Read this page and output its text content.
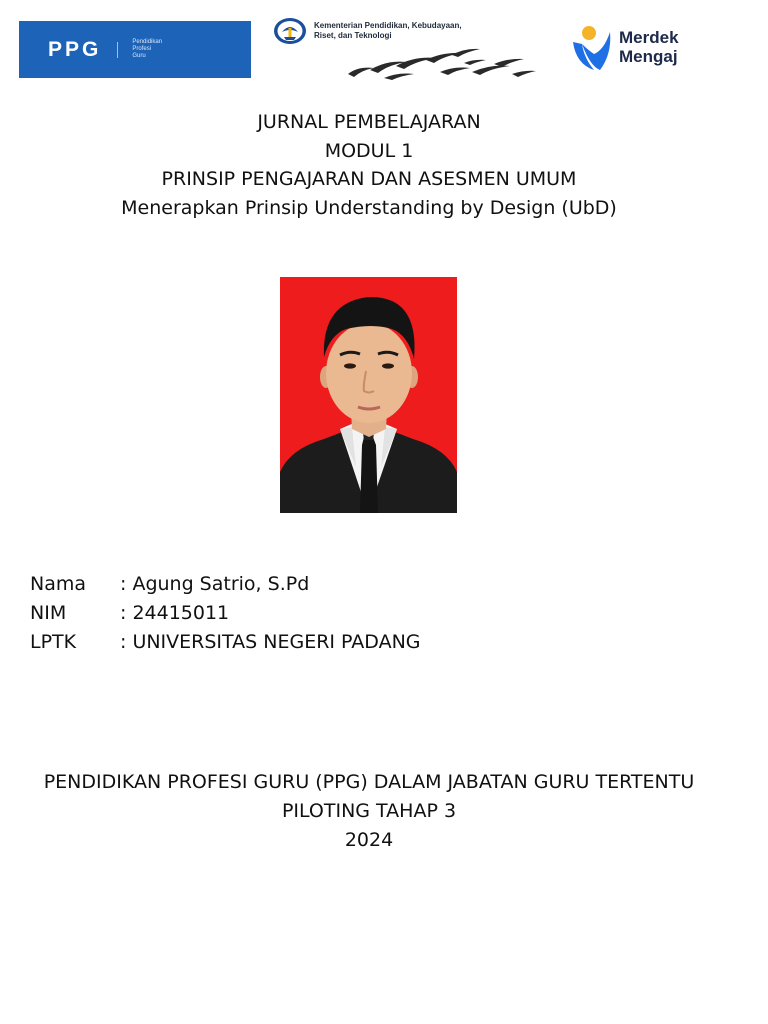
PPG	Pendidikan
Profesi
Guru
Kementerian Pendidikan, Kebudayaan,
Riset, dan Teknologi	Merdek
Mengaj
JURNAL PEMBELAJARAN
MODUL 1
PRINSIP PENGAJARAN DAN ASESMEN UMUM
Menerapkan Prinsip Understanding by Design (UbD)
Nama	: Agung Satrio, S.Pd
NIM	: 24415011
LPTK	: UNIVERSITAS NEGERI PADANG
PENDIDIKAN PROFESI GURU (PPG) DALAM JABATAN GURU TERTENTU
PILOTING TAHAP 3
2024
